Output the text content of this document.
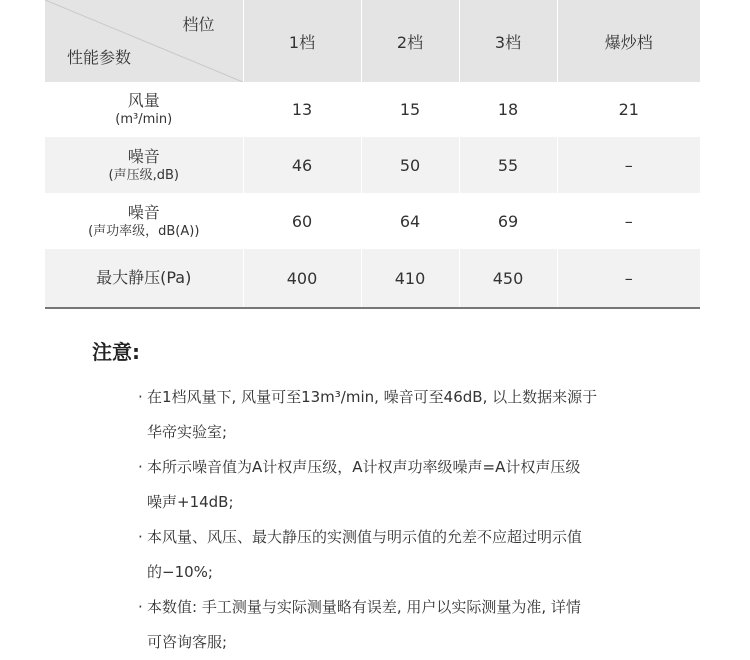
档位
性能参数	1档	2档	3档	爆炒档

风量
(m³/min)	13	15	18	21

噪音
(声压级,dB)	46	50	55	–

噪音
(声功率级，dB(A))	60	64	69	–

最大静压(Pa)	400	410	450	–
注意:
· 在1档风量下, 风量可至13m³/min, 噪音可至46dB, 以上数据来源于
华帝实验室;
· 本所示噪音值为A计权声压级，A计权声功率级噪声=A计权声压级
噪声+14dB;
· 本风量、风压、最大静压的实测值与明示值的允差不应超过明示值
的−10%;
· 本数值: 手工测量与实际测量略有误差, 用户以实际测量为准, 详情
可咨询客服;
